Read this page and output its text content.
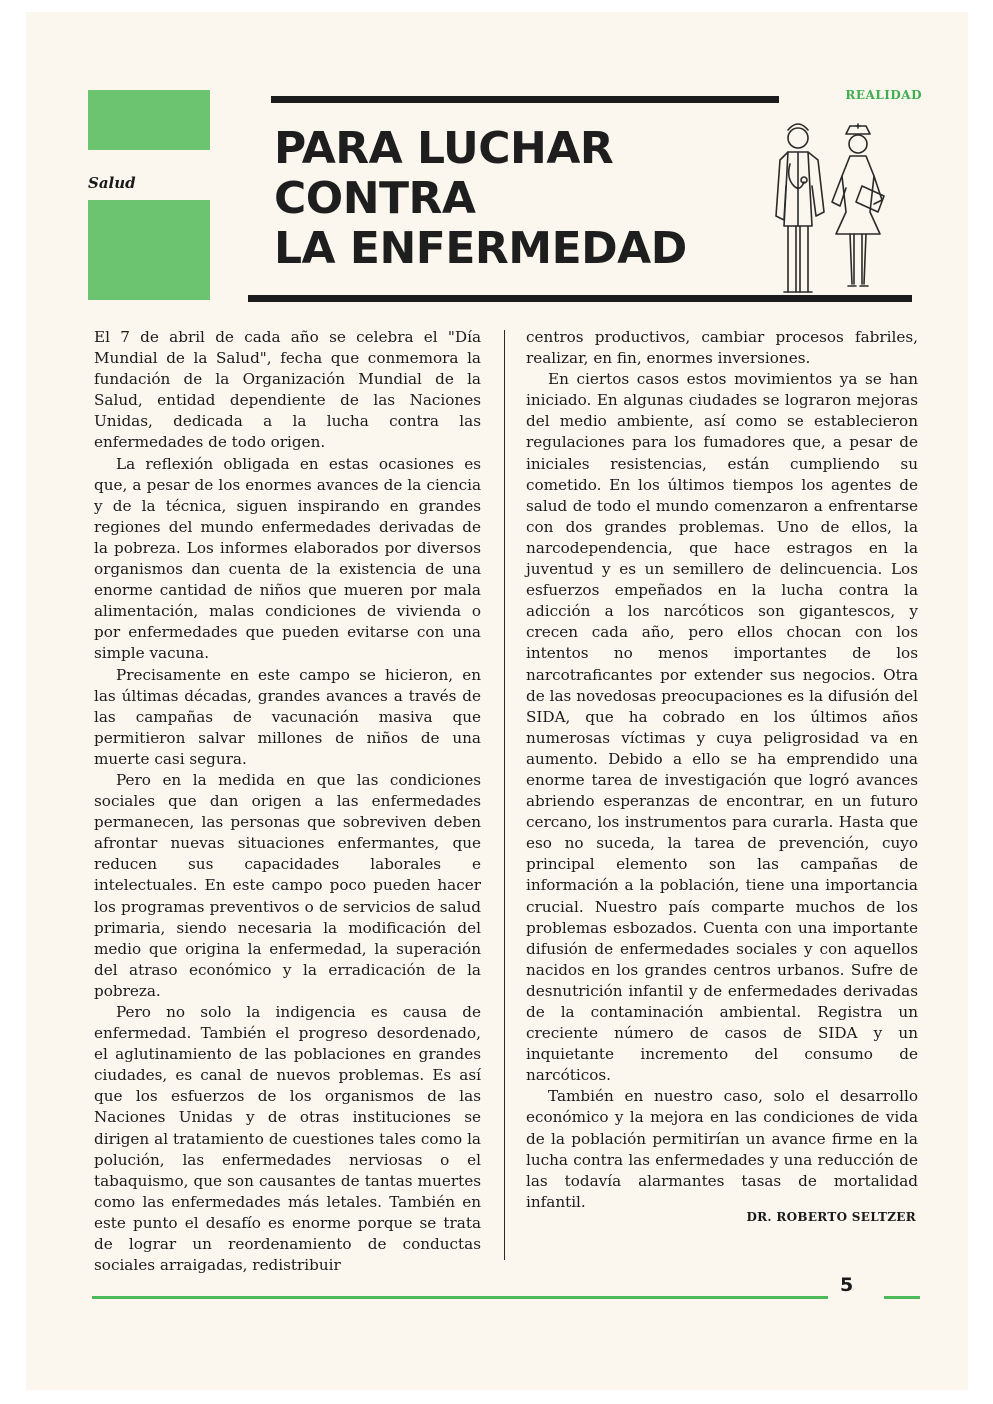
Salud
REALIDAD
PARA LUCHAR
CONTRA
LA ENFERMEDAD

El 7 de abril de cada año se celebra el "Día Mundial de la Salud", fecha que conmemora la fundación de la Organización Mundial de la Salud, entidad dependiente de las Naciones Unidas, dedicada a la lucha contra las enfermedades de todo origen.

La reflexión obligada en estas ocasiones es que, a pesar de los enormes avances de la ciencia y de la técnica, siguen inspirando en grandes regiones del mundo enfermedades derivadas de la pobreza. Los informes elaborados por diversos organismos dan cuenta de la existencia de una enorme cantidad de niños que mueren por mala alimentación, malas condiciones de vivienda o por enfermedades que pueden evitarse con una simple vacuna.

Precisamente en este campo se hicieron, en las últimas décadas, grandes avances a través de las campañas de vacunación masiva que permitieron salvar millones de niños de una muerte casi segura.

Pero en la medida en que las condiciones sociales que dan origen a las enfermedades permanecen, las personas que sobreviven deben afrontar nuevas situaciones enfermantes, que reducen sus capacidades laborales e intelectuales. En este campo poco pueden hacer los programas preventivos o de servicios de salud primaria, siendo necesaria la modificación del medio que origina la enfermedad, la superación del atraso económico y la erradicación de la pobreza.

Pero no solo la indigencia es causa de enfermedad. También el progreso desordenado, el aglutinamiento de las poblaciones en grandes ciudades, es canal de nuevos problemas. Es así que los esfuerzos de los organismos de las Naciones Unidas y de otras instituciones se dirigen al tratamiento de cuestiones tales como la polución, las enfermedades nerviosas o el tabaquismo, que son causantes de tantas muertes como las enfermedades más letales. También en este punto el desafío es enorme porque se trata de lograr un reordenamiento de conductas sociales arraigadas, redistribuir

centros productivos, cambiar procesos fabriles, realizar, en fin, enormes inversiones.

En ciertos casos estos movimientos ya se han iniciado. En algunas ciudades se lograron mejoras del medio ambiente, así como se establecieron regulaciones para los fumadores que, a pesar de iniciales resistencias, están cumpliendo su cometido. En los últimos tiempos los agentes de salud de todo el mundo comenzaron a enfrentarse con dos grandes problemas. Uno de ellos, la narcodependencia, que hace estragos en la juventud y es un semillero de delincuencia. Los esfuerzos empeñados en la lucha contra la adicción a los narcóticos son gigantescos, y crecen cada año, pero ellos chocan con los intentos no menos importantes de los narcotraficantes por extender sus negocios. Otra de las novedosas preocupaciones es la difusión del SIDA, que ha cobrado en los últimos años numerosas víctimas y cuya peligrosidad va en aumento. Debido a ello se ha emprendido una enorme tarea de investigación que logró avances abriendo esperanzas de encontrar, en un futuro cercano, los instrumentos para curarla. Hasta que eso no suceda, la tarea de prevención, cuyo principal elemento son las campañas de información a la población, tiene una importancia crucial. Nuestro país comparte muchos de los problemas esbozados. Cuenta con una importante difusión de enfermedades sociales y con aquellos nacidos en los grandes centros urbanos. Sufre de desnutrición infantil y de enfermedades derivadas de la contaminación ambiental. Registra un creciente número de casos de SIDA y un inquietante incremento del consumo de narcóticos.

También en nuestro caso, solo el desarrollo económico y la mejora en las condiciones de vida de la población permitirían un avance firme en la lucha contra las enfermedades y una reducción de las todavía alarmantes tasas de mortalidad infantil.

DR. ROBERTO SELTZER
5
